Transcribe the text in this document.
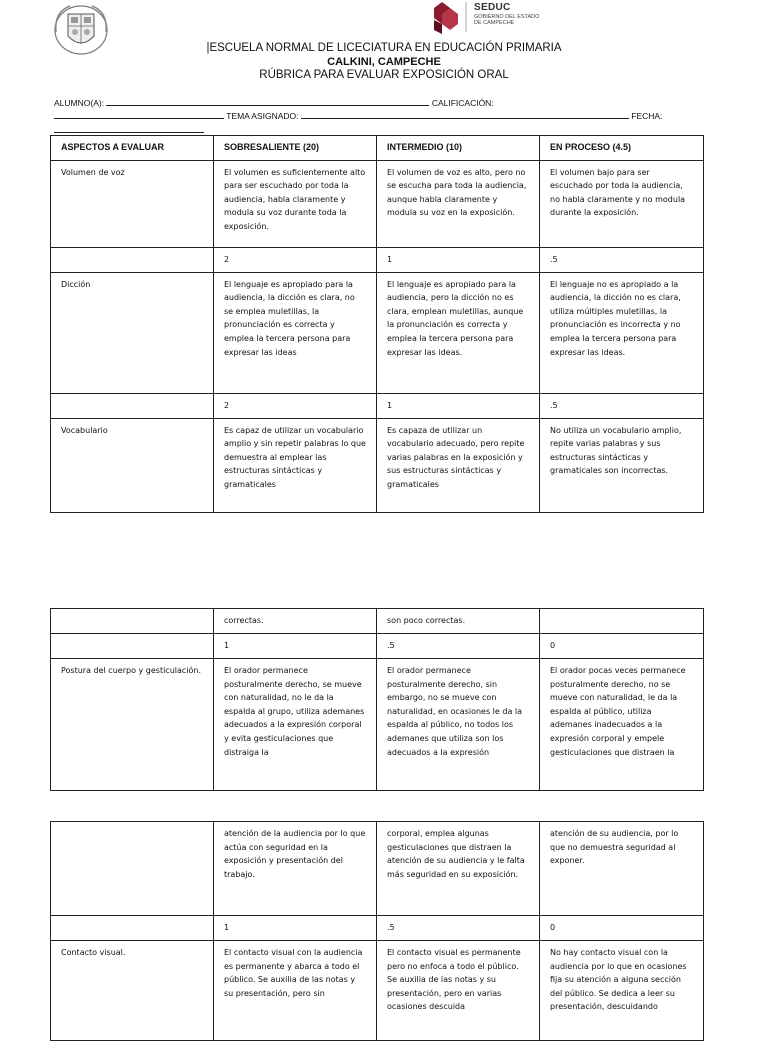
SEDUC
GOBIERNO DEL ESTADO DE CAMPECHE
|ESCUELA NORMAL DE LICECIATURA EN EDUCACIÓN PRIMARIA
CALKINI, CAMPECHE
RÚBRICA PARA EVALUAR EXPOSICIÓN ORAL
ALUMNO(A):	CALIFICACIÓN:
TEMA ASIGNADO:	FECHA:
ASPECTOS A EVALUAR	SOBRESALIENTE (20)	INTERMEDIO (10)	EN PROCESO (4.5)
Volumen de voz	El volumen es suficientemente alto para ser escuchado por toda la audiencia, habla claramente y modula su voz durante toda la exposición.	El volumen de voz es alto, pero no se escucha para toda la audiencia, aunque habla claramente y modula su voz en la exposición.	El volumen bajo para ser escuchado por toda la audiencia, no habla claramente y no modula durante la exposición.
	2	1	.5
Dicción	El lenguaje es apropiado para la audiencia, la dicción es clara, no se emplea muletillas, la pronunciación es correcta y emplea la tercera persona para expresar las ideas	El lenguaje es apropiado para la audiencia, pero la dicción no es clara, emplean muletillas, aunque la pronunciación es correcta y emplea la tercera persona para expresar las ideas.	El lenguaje no es apropiado a la audiencia, la dicción no es clara, utiliza múltiples muletillas, la pronunciación es incorrecta y no emplea la tercera persona para expresar las ideas.
	2	1	.5
Vocabulario	Es capaz de utilizar un vocabulario amplio y sin repetir palabras lo que demuestra al emplear las estructuras sintácticas y gramaticales	Es capaza de utilizar un vocabulario adecuado, pero repite varias palabras en la exposición y sus estructuras sintácticas y gramaticales	No utiliza un vocabulario amplio, repite varias palabras y sus estructuras sintácticas y gramaticales son incorrectas.
	correctas.	son poco correctas.	
	1	.5	0
Postura del cuerpo y gesticulación.	El orador permanece posturalmente derecho, se mueve con naturalidad, no le da la espalda al grupo, utiliza ademanes adecuados a la expresión corporal y evita gesticulaciones que distraiga la	El orador permanece posturalmente derecho, sin embargo, no se mueve con naturalidad, en ocasiones le da la espalda al público, no todos los ademanes que utiliza son los adecuados a la expresión	El orador pocas veces permanece posturalmente derecho, no se mueve con naturalidad, le da la espalda al público, utiliza ademanes inadecuados a la expresión corporal y empele gesticulaciones que distraen la
	atención de la audiencia por lo que actúa con seguridad en la exposición y presentación del trabajo.	corporal, emplea algunas gesticulaciones que distraen la atención de su audiencia y le falta más seguridad en su exposición.	atención de su audiencia, por lo que no demuestra seguridad al exponer.
	1	.5	0
Contacto visual.	El contacto visual con la audiencia es permanente y abarca a todo el público. Se auxilia de las notas y su presentación, pero sin	El contacto visual es permanente pero no enfoca a todo el público. Se auxilia de las notas y su presentación, pero en varias ocasiones descuida	No hay contacto visual con la audiencia por lo que en ocasiones fija su atención a alguna sección del público. Se dedica a leer su presentación, descuidando
